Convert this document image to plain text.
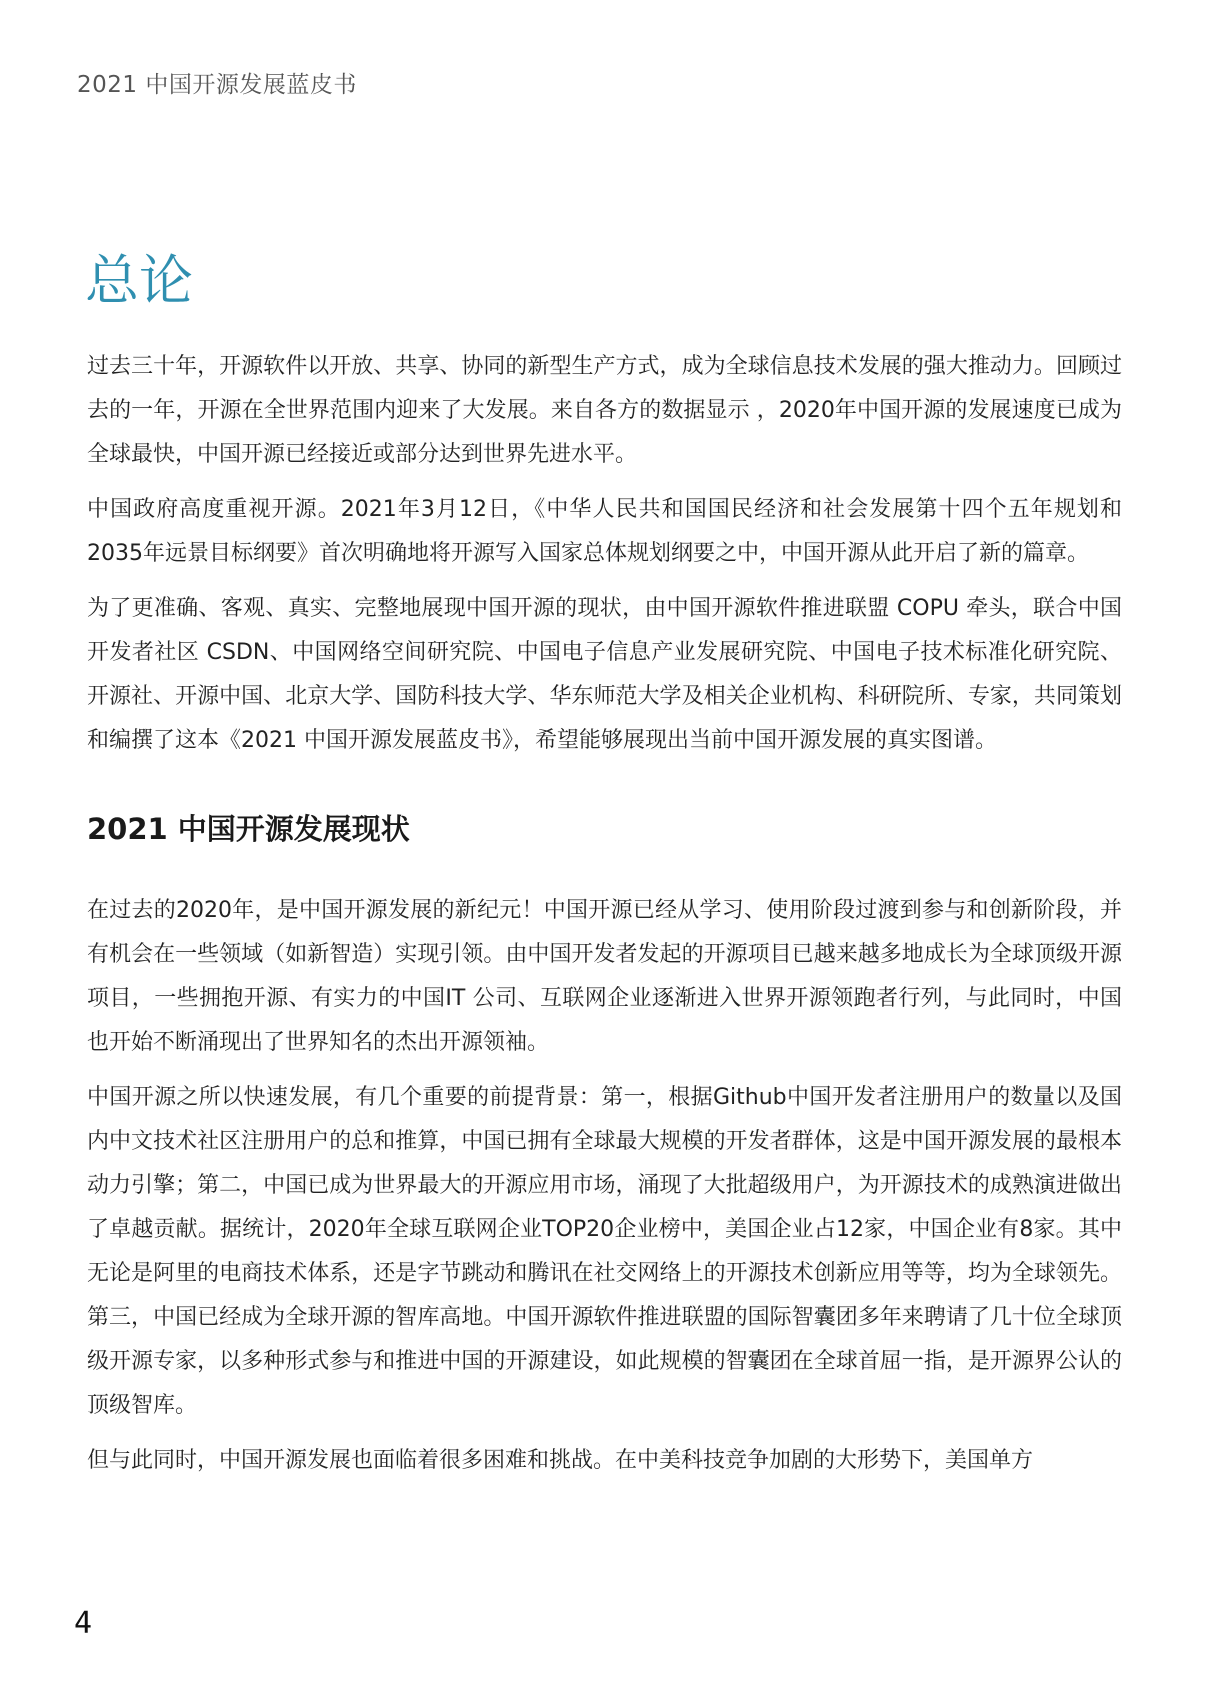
2021 中国开源发展蓝皮书
总论

过去三十年，开源软件以开放、共享、协同的新型生产方式，成为全球信息技术发展的强大推动力。回顾过去的一年，开源在全世界范围内迎来了大发展。来自各方的数据显示 ，2020年中国开源的发展速度已成为全球最快，中国开源已经接近或部分达到世界先进水平。

中国政府高度重视开源。2021年3月12日，《中华人民共和国国民经济和社会发展第十四个五年规划和2035年远景目标纲要》首次明确地将开源写入国家总体规划纲要之中，中国开源从此开启了新的篇章。

为了更准确、客观、真实、完整地展现中国开源的现状，由中国开源软件推进联盟 COPU 牵头，联合中国开发者社区 CSDN、中国网络空间研究院、中国电子信息产业发展研究院、中国电子技术标准化研究院、开源社、开源中国、北京大学、国防科技大学、华东师范大学及相关企业机构、科研院所、专家，共同策划和编撰了这本《2021 中国开源发展蓝皮书》，希望能够展现出当前中国开源发展的真实图谱。

2021 中国开源发展现状

在过去的2020年，是中国开源发展的新纪元！中国开源已经从学习、使用阶段过渡到参与和创新阶段，并有机会在一些领域（如新智造）实现引领。由中国开发者发起的开源项目已越来越多地成长为全球顶级开源项目，一些拥抱开源、有实力的中国IT 公司、互联网企业逐渐进入世界开源领跑者行列，与此同时，中国也开始不断涌现出了世界知名的杰出开源领袖。

中国开源之所以快速发展，有几个重要的前提背景：第一，根据Github中国开发者注册用户的数量以及国内中文技术社区注册用户的总和推算，中国已拥有全球最大规模的开发者群体，这是中国开源发展的最根本动力引擎；第二，中国已成为世界最大的开源应用市场，涌现了大批超级用户，为开源技术的成熟演进做出了卓越贡献。据统计，2020年全球互联网企业TOP20企业榜中，美国企业占12家，中国企业有8家。其中无论是阿里的电商技术体系，还是字节跳动和腾讯在社交网络上的开源技术创新应用等等，均为全球领先。第三，中国已经成为全球开源的智库高地。中国开源软件推进联盟的国际智囊团多年来聘请了几十位全球顶级开源专家，以多种形式参与和推进中国的开源建设，如此规模的智囊团在全球首屈一指，是开源界公认的顶级智库。

但与此同时，中国开源发展也面临着很多困难和挑战。在中美科技竞争加剧的大形势下，美国单方

4
